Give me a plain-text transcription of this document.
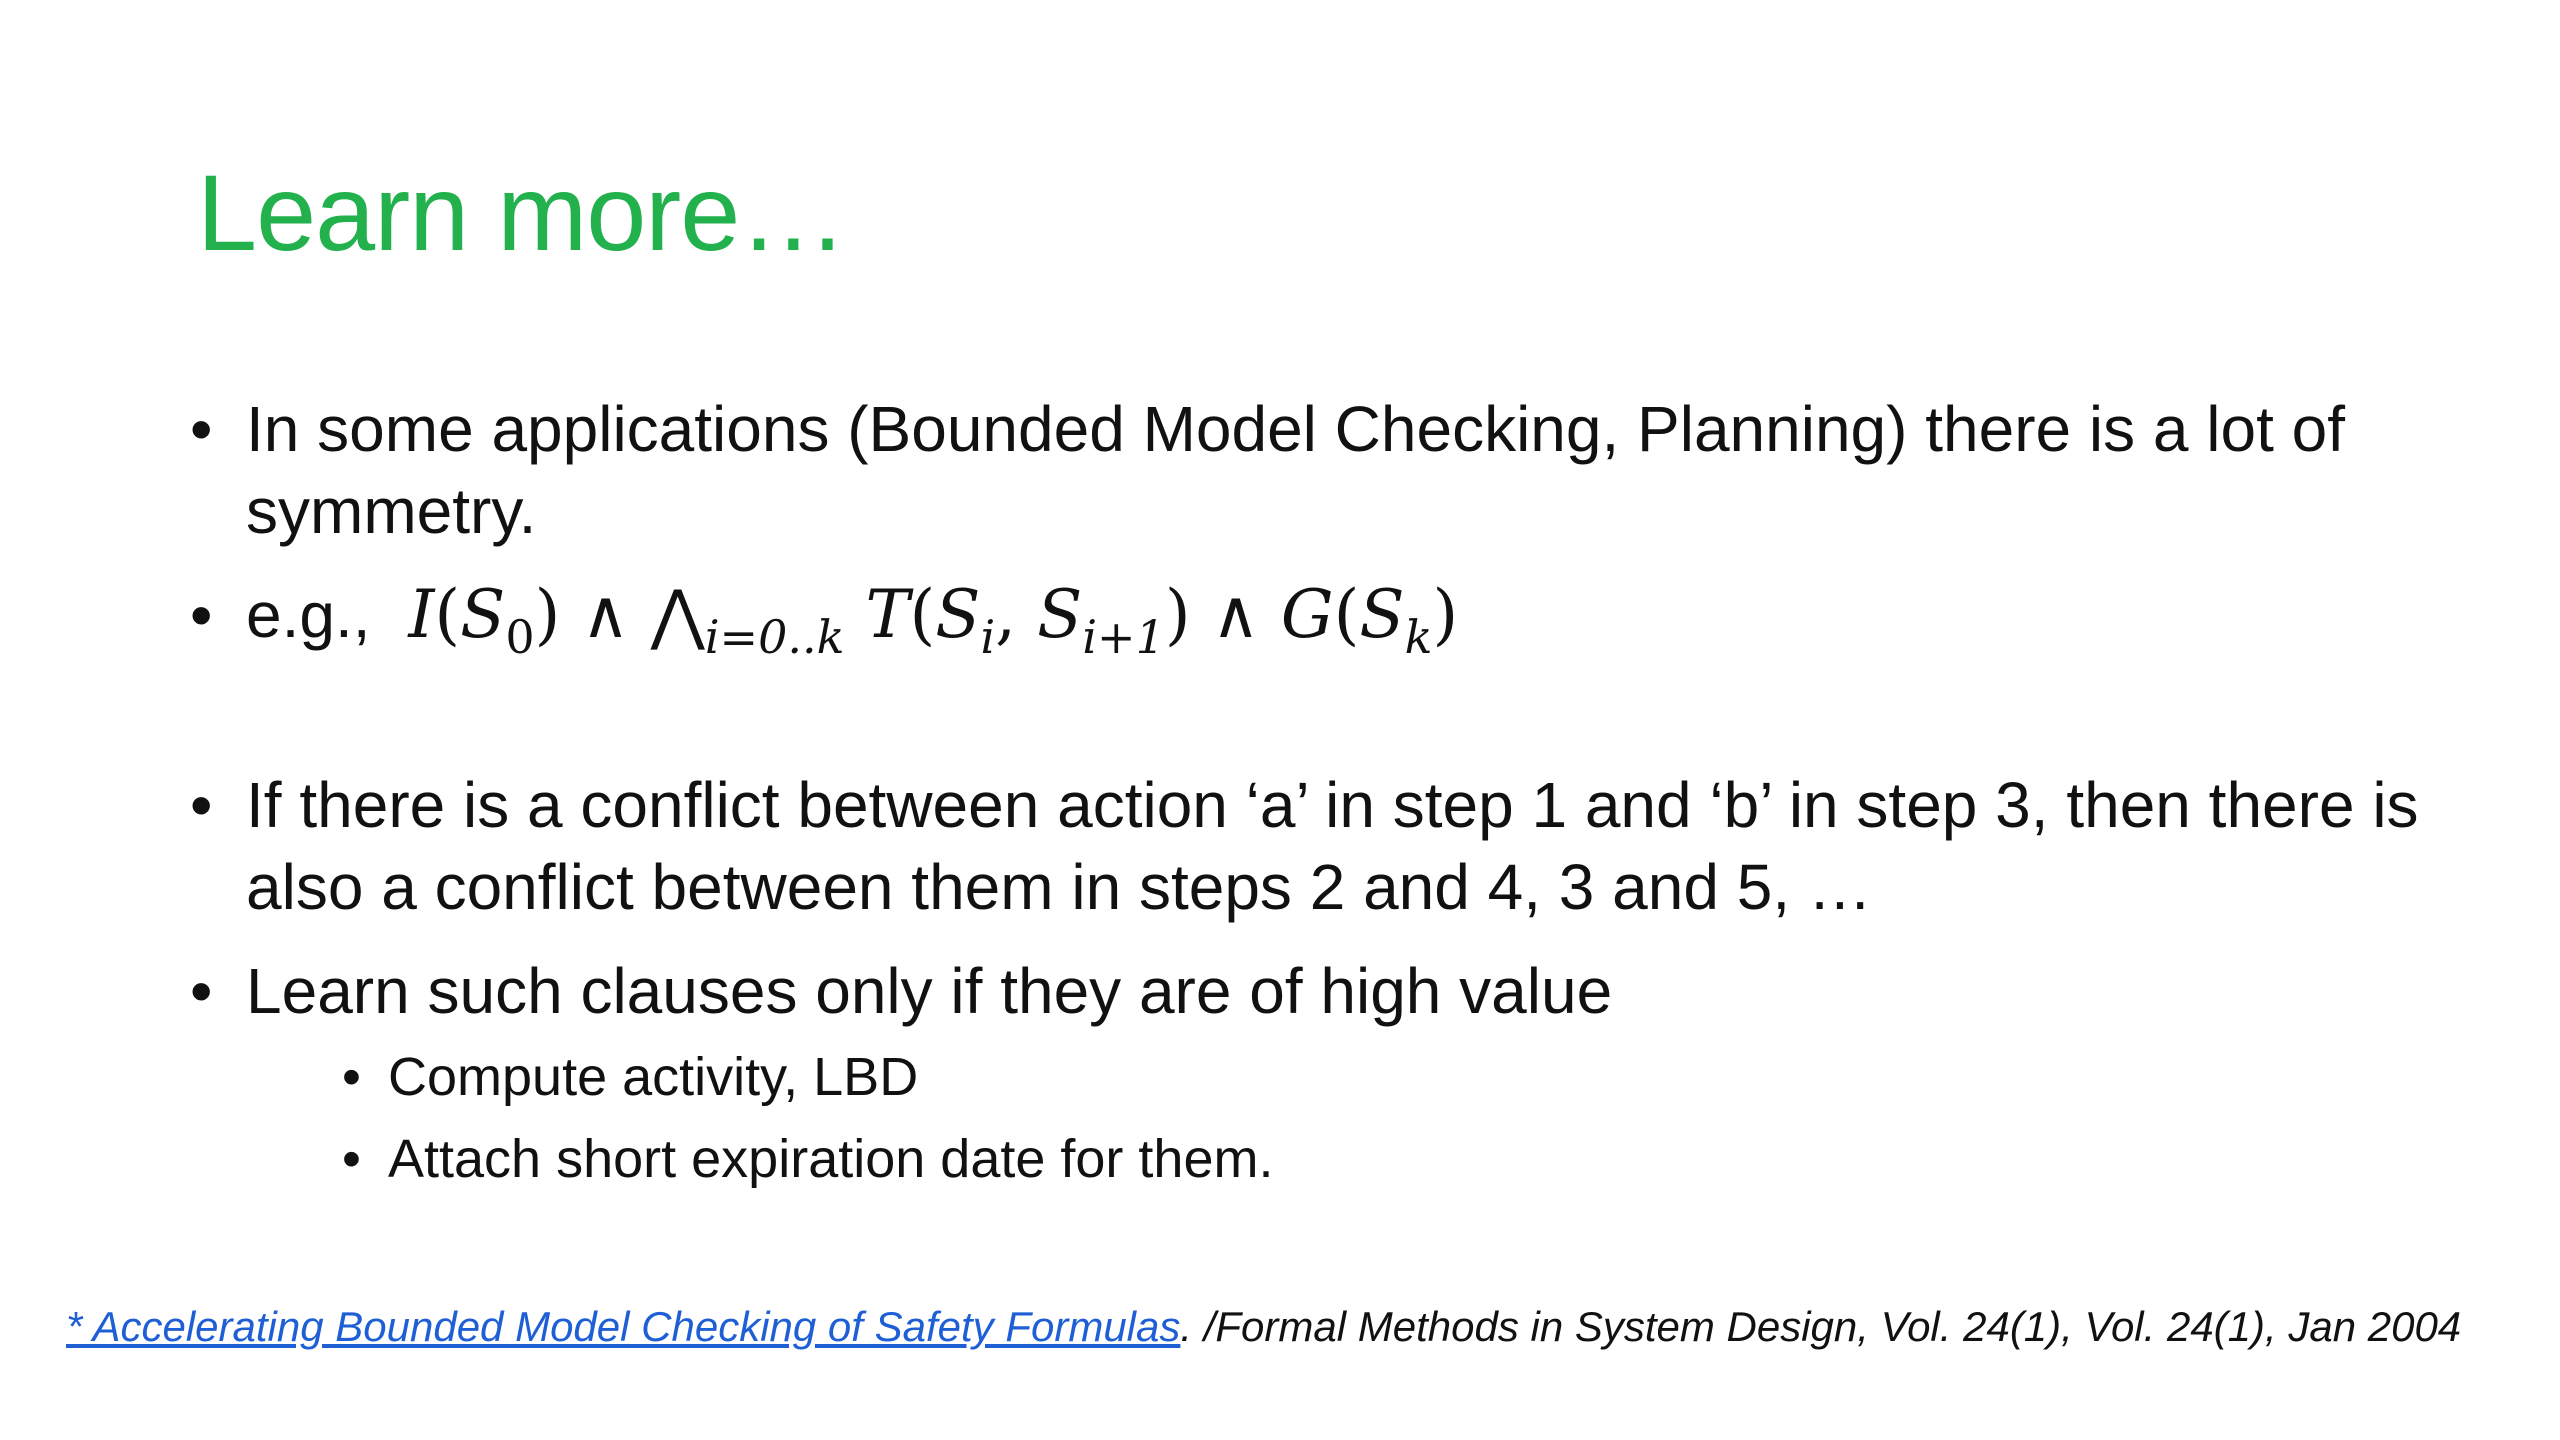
Learn more…
• In some applications (Bounded Model Checking, Planning) there is a lot of symmetry.
• e.g., $I(S_0)$ ∧ $⋀_{i=0..k}$ $T(S_i$, $S_{i+1}$) ∧ $G(S_k)$
• If there is a conflict between action ‘a’ in step 1 and ‘b’ in step 3, then there is also a conflict between them in steps 2 and 4, 3 and 5, …
• Learn such clauses only if they are of high value
• Compute activity, LBD
• Attach short expiration date for them.
* Accelerating Bounded Model Checking of Safety Formulas. /Formal Methods in System Design, Vol. 24(1), Vol. 24(1), Jan 2004
